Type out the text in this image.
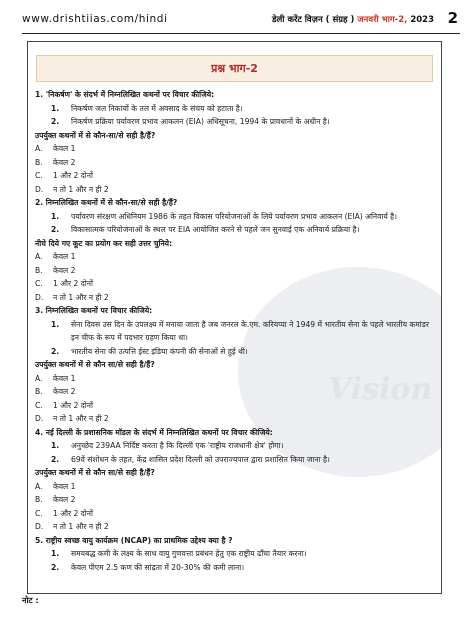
www.drishtiias.com/hindi	डेली करेंट विज़न ( संग्रह ) जनवरी भाग-2, 2023 2
Vision
प्रश्न भाग-2
1. 'निकर्षण' के संदर्भ में निम्नलिखित कथनों पर विचार कीजिये:
1. निकर्षण जल निकायों के तल में अवसाद के संचय को हटाता है।
2. निकर्षण प्रक्रिया पर्यावरण प्रभाव आकलन (EIA) अधिसूचना, 1994 के प्रावधानों के अधीन है।
उपर्युक्त कथनों में से कौन-सा/से सही है/हैं?
A. केवल 1
B. केवल 2
C. 1 और 2 दोनों
D. न तो 1 और न ही 2
2. निम्नलिखित कथनों में से कौन-सा/से सही है/हैं?
1. पर्यावरण संरक्षण अधिनियम 1986 के तहत विकास परियोजनाओं के लिये पर्यावरण प्रभाव आकलन (EIA) अनिवार्य है।
2. विकासात्मक परियोजनाओं के स्थल पर EIA आयोजित करने से पहले जन सुनवाई एक अनिवार्य प्रक्रिया है।
नीचे दिये गए कूट का प्रयोग कर सही उत्तर चुनिये:
A. केवल 1
B. केवल 2
C. 1 और 2 दोनों
D. न तो 1 और न ही 2
3. निम्नलिखित कथनों पर विचार कीजिये:
1. सेना दिवस उस दिन के उपलक्ष्य में मनाया जाता है जब जनरल के.एम. करियप्पा ने 1949 में भारतीय सेना के पहले भारतीय कमांडर
इन चीफ के रूप में पदभार ग्रहण किया था।
2. भारतीय सेना की उत्पत्ति ईस्ट इंडिया कंपनी की सेनाओं से हुई थी।
उपर्युक्त कथनों में से कौन सा/से सही है/हैं?
A. केवल 1
B. केवल 2
C. 1 और 2 दोनों
D. न तो 1 और न ही 2
4. नई दिल्ली के प्रशासनिक मॉडल के संदर्भ में निम्नलिखित कथनों पर विचार कीजिये:
1. अनुच्छेद 239AA निर्दिष्ट करता है कि दिल्ली एक 'राष्ट्रीय राजधानी क्षेत्र' होगा।
2. 69वें संशोधन के तहत, केंद्र शासित प्रदेश दिल्ली को उपराज्यपाल द्वारा प्रशासित किया जाना है।
उपर्युक्त कथनों में से कौन सा/से सही है/हैं?
A. केवल 1
B. केवल 2
C. 1 और 2 दोनों
D. न तो 1 और न ही 2
5. राष्ट्रीय स्वच्छ वायु कार्यक्रम (NCAP) का प्राथमिक उद्देश्य क्या है ?
1. समयबद्ध कमी के लक्ष्य के साथ वायु गुणवत्ता प्रबंधन हेतु एक राष्ट्रीय ढाँचा तैयार करना।
2. केवल पीएम 2.5 कण की सांद्रता में 20-30% की कमी लाना।
नोट :
